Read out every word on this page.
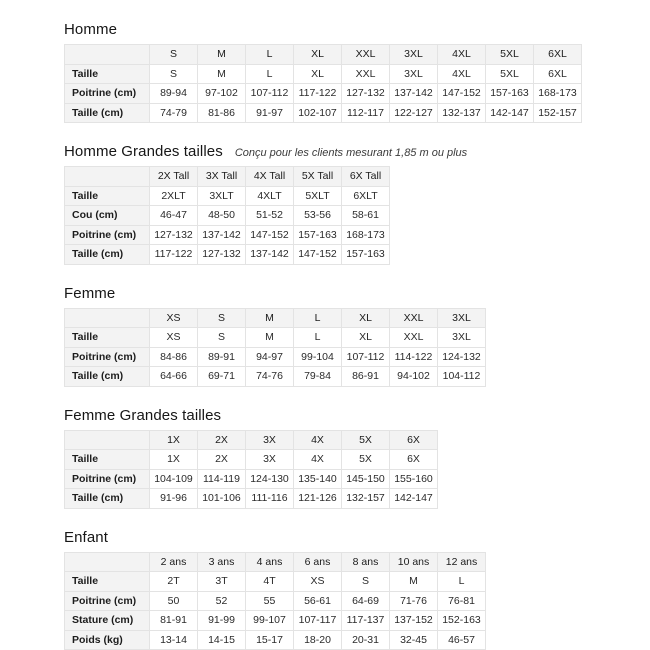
Homme
	S	M	L	XL	XXL	3XL	4XL	5XL	6XL
Taille	S	M	L	XL	XXL	3XL	4XL	5XL	6XL
Poitrine (cm)	89-94	97-102	107-112	117-122	127-132	137-142	147-152	157-163	168-173
Taille (cm)	74-79	81-86	91-97	102-107	112-117	122-127	132-137	142-147	152-157
Homme Grandes tailles Conçu pour les clients mesurant 1,85 m ou plus
	2X Tall	3X Tall	4X Tall	5X Tall	6X Tall
Taille	2XLT	3XLT	4XLT	5XLT	6XLT
Cou (cm)	46-47	48-50	51-52	53-56	58-61
Poitrine (cm)	127-132	137-142	147-152	157-163	168-173
Taille (cm)	117-122	127-132	137-142	147-152	157-163
Femme
	XS	S	M	L	XL	XXL	3XL
Taille	XS	S	M	L	XL	XXL	3XL
Poitrine (cm)	84-86	89-91	94-97	99-104	107-112	114-122	124-132
Taille (cm)	64-66	69-71	74-76	79-84	86-91	94-102	104-112
Femme Grandes tailles
	1X	2X	3X	4X	5X	6X
Taille	1X	2X	3X	4X	5X	6X
Poitrine (cm)	104-109	114-119	124-130	135-140	145-150	155-160
Taille (cm)	91-96	101-106	111-116	121-126	132-157	142-147
Enfant
	2 ans	3 ans	4 ans	6 ans	8 ans	10 ans	12 ans
Taille	2T	3T	4T	XS	S	M	L
Poitrine (cm)	50	52	55	56-61	64-69	71-76	76-81
Stature (cm)	81-91	91-99	99-107	107-117	117-137	137-152	152-163
Poids (kg)	13-14	14-15	15-17	18-20	20-31	32-45	46-57
